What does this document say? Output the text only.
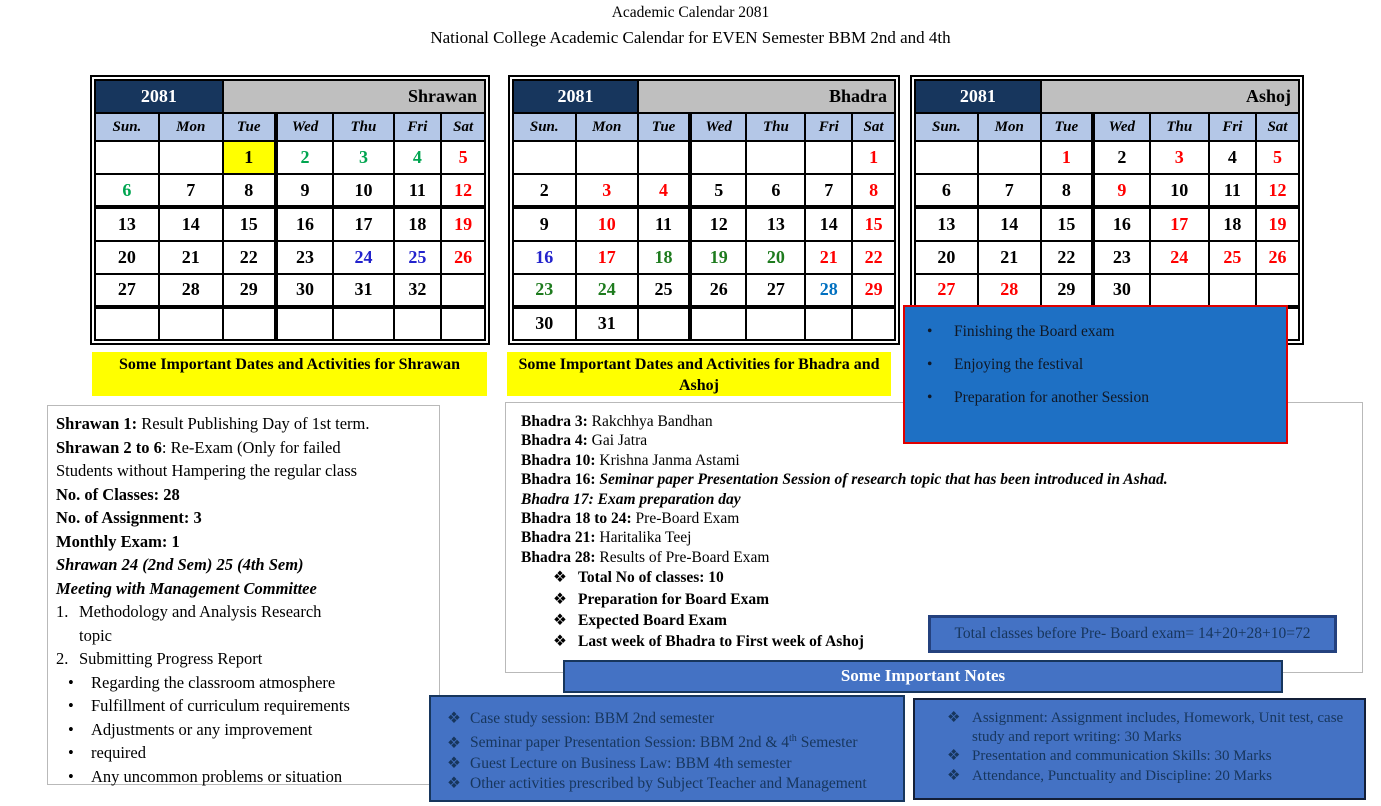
Academic Calendar 2081
National College Academic Calendar for EVEN Semester BBM 2nd and 4th
2081		Shrawan				
Sun.	Mon	Tue	Wed	Thu	Fri	Sat
		1	2	3	4	5
6	7	8	9	10	11	12
13	14	15	16	17	18	19
20	21	22	23	24	25	26
27	28	29	30	31	32	

2081		Bhadra				
Sun.	Mon	Tue	Wed	Thu	Fri	Sat
						1
2	3	4	5	6	7	8
9	10	11	12	13	14	15
16	17	18	19	20	21	22
23	24	25	26	27	28	29
30	31					
2081		Ashoj				
Sun.	Mon	Tue	Wed	Thu	Fri	Sat
		1	2	3	4	5
6	7	8	9	10	11	12
13	14	15	16	17	18	19
20	21	22	23	24	25	26
27	28	29	30			

Some Important Dates and Activities for Shrawan	Some Important Dates and Activities for Bhadra and Ashoj
Shrawan 1: Result Publishing Day of 1st term.
Shrawan 2 to 6: Re-Exam (Only for failed
Students without Hampering the regular class
No. of Classes: 28
No. of Assignment: 3
Monthly Exam: 1
Shrawan 24 (2nd Sem) 25 (4th Sem)
Meeting with Management Committee
1. Methodology and Analysis Research
topic
2. Submitting Progress Report
•	Regarding the classroom atmosphere
•	Fulfillment of curriculum requirements
•	Adjustments or any improvement
•	required
•	Any uncommon problems or situation
Bhadra 3: Rakchhya Bandhan
Bhadra 4: Gai Jatra
Bhadra 10: Krishna Janma Astami
Bhadra 16: Seminar paper Presentation Session of research topic that has been introduced in Ashad.
Bhadra 17: Exam preparation day
Bhadra 18 to 24: Pre-Board Exam
Bhadra 21: Haritalika Teej
Bhadra 28: Results of Pre-Board Exam
❖ Total No of classes: 10
❖ Preparation for Board Exam
❖ Expected Board Exam
❖ Last week of Bhadra to First week of Ashoj
•	Finishing the Board exam
•	Enjoying the festival
•	Preparation for another Session
Total classes before Pre- Board exam= 14+20+28+10=72
Some Important Notes
❖ Case study session: BBM 2nd semester
❖ Seminar paper Presentation Session: BBM 2nd & 4th Semester
❖ Guest Lecture on Business Law: BBM 4th semester
❖ Other activities prescribed by Subject Teacher and Management
❖ Assignment: Assignment includes, Homework, Unit test, case study and report writing: 30 Marks
❖ Presentation and communication Skills: 30 Marks
❖ Attendance, Punctuality and Discipline: 20 Marks
